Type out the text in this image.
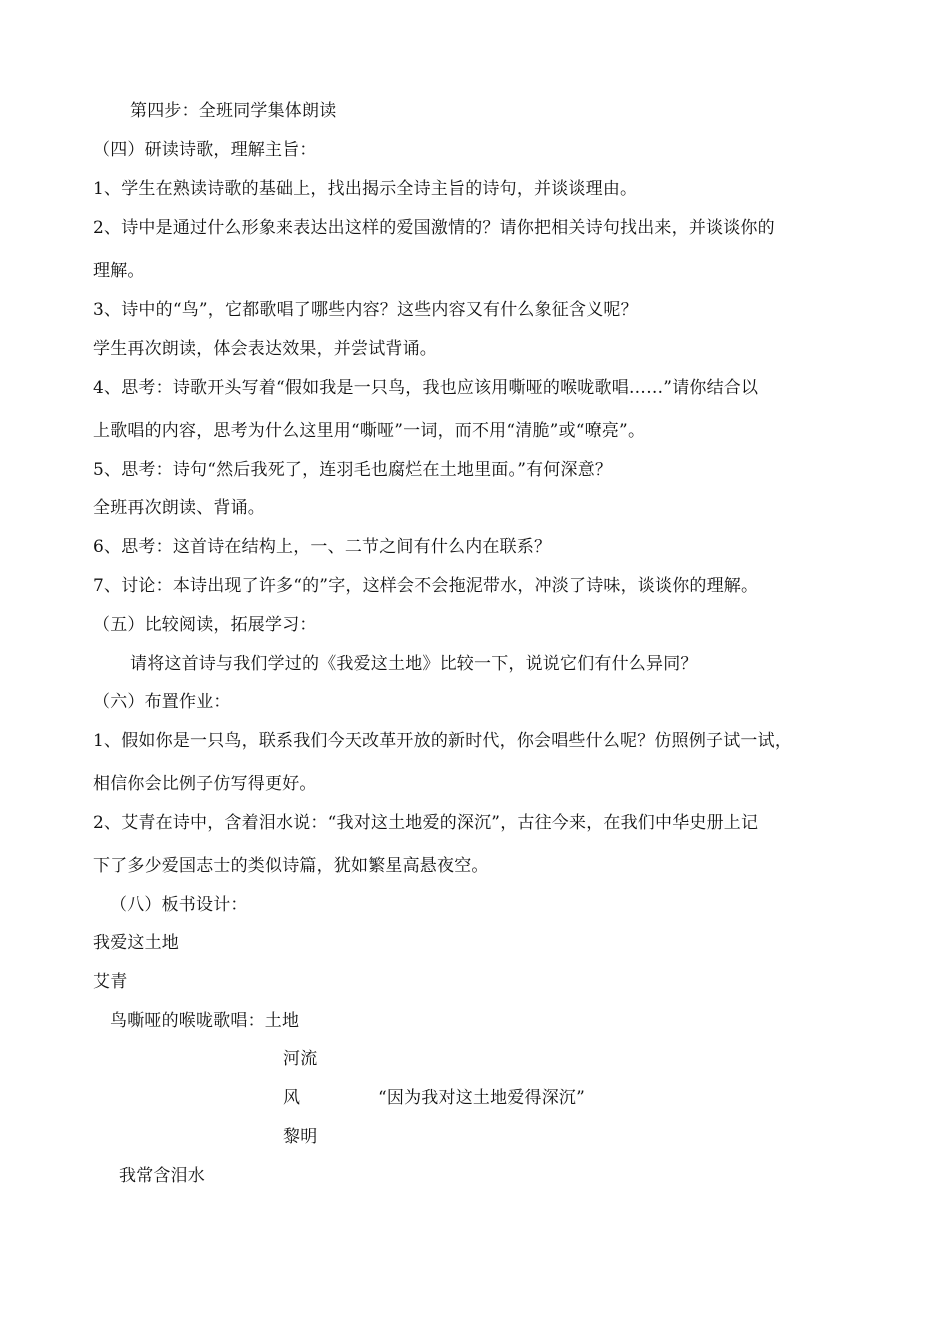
第四步：全班同学集体朗读
（四）研读诗歌，理解主旨：
1、学生在熟读诗歌的基础上，找出揭示全诗主旨的诗句，并谈谈理由。
2、诗中是通过什么形象来表达出这样的爱国激情的？请你把相关诗句找出来，并谈谈你的
理解。
3、诗中的“鸟”，它都歌唱了哪些内容？这些内容又有什么象征含义呢？
学生再次朗读，体会表达效果，并尝试背诵。
4、思考：诗歌开头写着“假如我是一只鸟，我也应该用嘶哑的喉咙歌唱……”请你结合以
上歌唱的内容，思考为什么这里用“嘶哑”一词，而不用“清脆”或“嘹亮”。
5、思考：诗句“然后我死了，连羽毛也腐烂在土地里面。”有何深意？
全班再次朗读、背诵。
6、思考：这首诗在结构上，一、二节之间有什么内在联系？
7、讨论：本诗出现了许多“的”字，这样会不会拖泥带水，冲淡了诗味，谈谈你的理解。
（五）比较阅读，拓展学习：
请将这首诗与我们学过的《我爱这土地》比较一下，说说它们有什么异同？
（六）布置作业：
1、假如你是一只鸟，联系我们今天改革开放的新时代，你会唱些什么呢？仿照例子试一试，
相信你会比例子仿写得更好。
2、艾青在诗中，含着泪水说：“我对这土地爱的深沉”，古往今来，在我们中华史册上记
下了多少爱国志士的类似诗篇，犹如繁星高悬夜空。
（八）板书设计：
我爱这土地
艾青
鸟嘶哑的喉咙歌唱：土地
河流
风	“因为我对这土地爱得深沉”
黎明
我常含泪水
